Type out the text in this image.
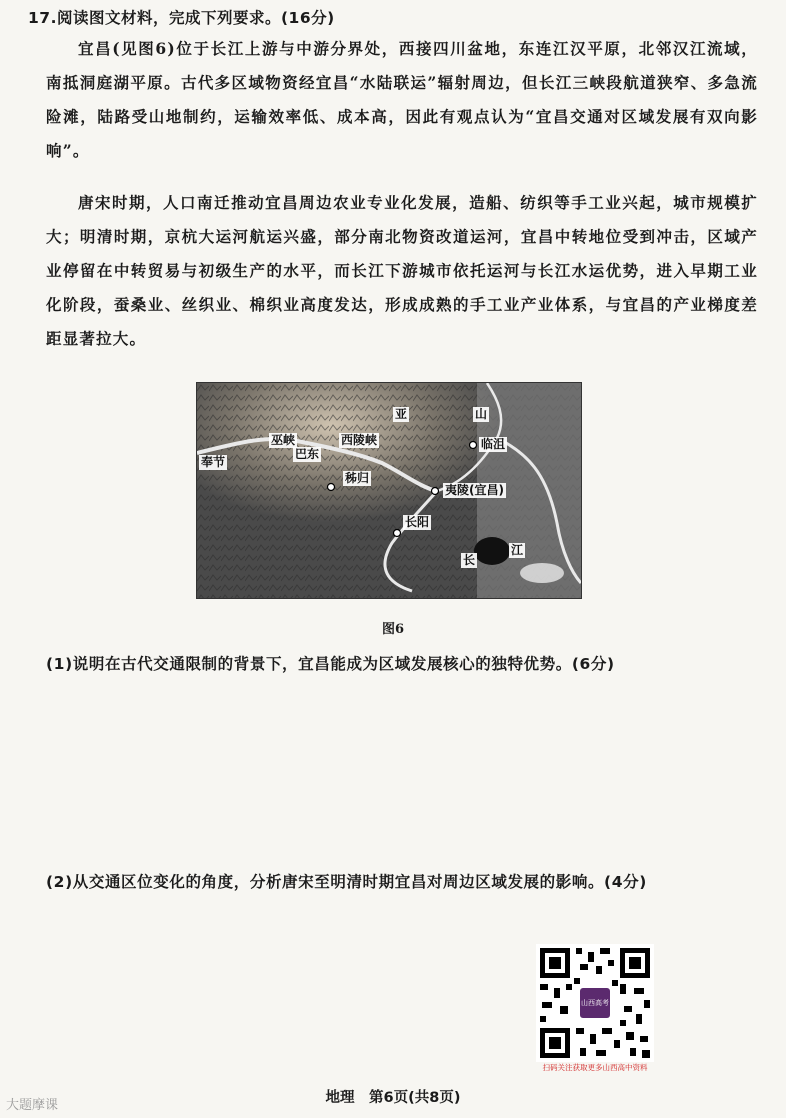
17.阅读图文材料，完成下列要求。(16分)
宜昌(见图6)位于长江上游与中游分界处，西接四川盆地，东连江汉平原，北邻汉江流域，南抵洞庭湖平原。古代多区域物资经宜昌“水陆联运”辐射周边，但长江三峡段航道狭窄、多急流险滩，陆路受山地制约，运输效率低、成本高，因此有观点认为“宜昌交通对区域发展有双向影响”。
唐宋时期，人口南迁推动宜昌周边农业专业化发展，造船、纺织等手工业兴起，城市规模扩大；明清时期，京杭大运河航运兴盛，部分南北物资改道运河，宜昌中转地位受到冲击，区域产业停留在中转贸易与初级生产的水平，而长江下游城市依托运河与长江水运优势，进入早期工业化阶段，蚕桑业、丝织业、棉织业高度发达，形成成熟的手工业产业体系，与宜昌的产业梯度差距显著拉大。
奉节
巫峡
巴东
西陵峡
秭归
夷陵(宜昌)
长阳
临沮
亚	山
长
江
图6
(1)说明在古代交通限制的背景下，宜昌能成为区域发展核心的独特优势。(6分)
(2)从交通区位变化的角度，分析唐宋至明清时期宜昌对周边区域发展的影响。(4分)
山西高考
扫码关注获取更多山西高中资料
地理　第6页(共8页)
大题摩课
